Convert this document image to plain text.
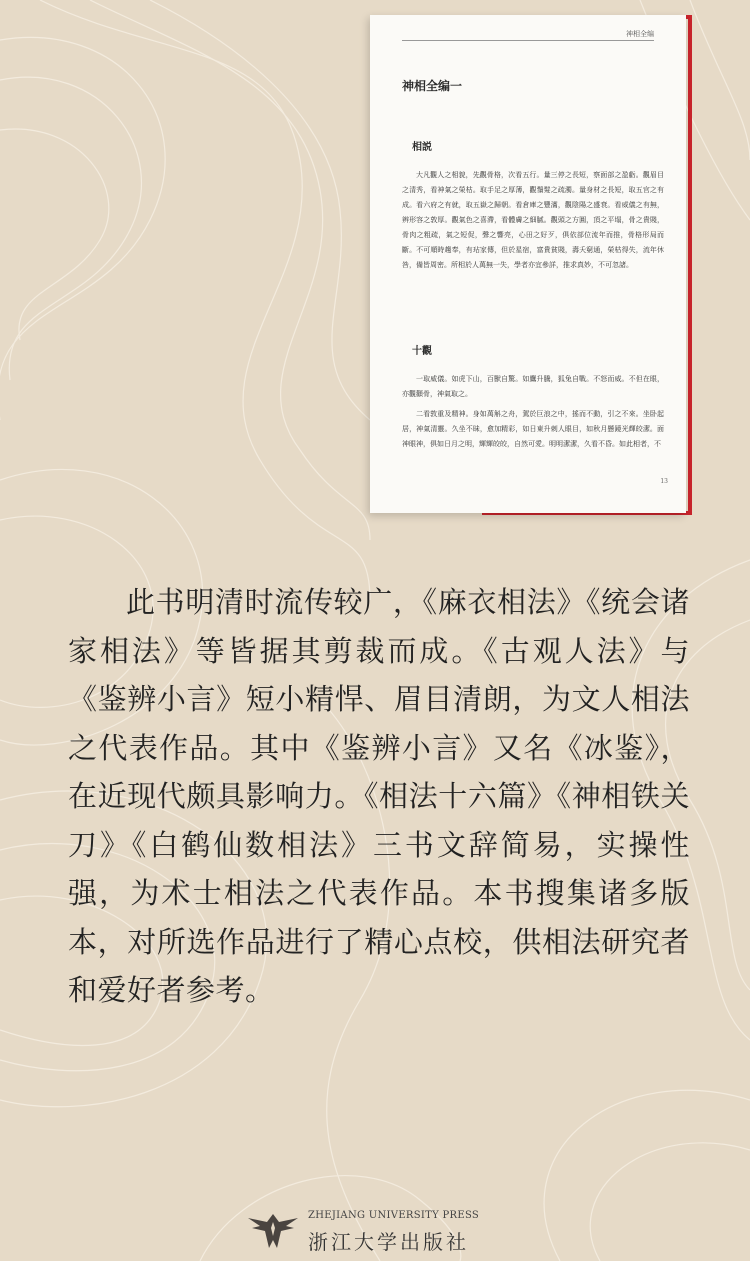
神相全编
神相全编一
相説
大凡觀人之相貌，先觀骨格，次看五行。量三停之長短，察面部之盈虧。觀眉目之清秀，看神氣之榮枯。取手足之厚薄，觀鬚髮之疏濁。量身材之長短，取五官之有成。看六府之有就，取五嶽之歸朝。看倉庫之豐滿，觀陰陽之盛衰。看威儀之有無，辨形容之敦厚。觀氣色之喜滯，看體膚之細膩。觀頭之方圓，頂之平塌，骨之貴賤，骨肉之粗疏，氣之短促，聲之響亮，心田之好歹，俱依部位流年而推，骨格形局而斷。不可順時趨奉，有玷家傳，但於星宿，富貴貧賤，壽夭窮通，榮枯得失，流年休咎，備皆周密。所相於人萬無一失，學者亦宜參詳，推求真妙，不可忽諸。
十觀
一取威儀。如虎下山，百獸自驚。如鷹升騰，狐兔自戰。不怒而威。不但在眼，亦觀顴骨，神氣取之。
二看敦重及精神。身如萬斛之舟，駕於巨浪之中，搖而不動，引之不來。坐卧起居，神氣清靈。久坐不昧，愈加精彩，如日東升刺人眼目，如秋月懸鏡光輝皎潔。面神眼神，俱如日月之明，輝輝皎皎，自然可愛。明明潔潔，久看不昏。如此相者，不
13
此书明清时流传较广，《麻衣相法》《统会诸家相法》等皆据其剪裁而成。《古观人法》与《鉴辨小言》短小精悍、眉目清朗，为文人相法之代表作品。其中《鉴辨小言》又名《冰鉴》，在近现代颇具影响力。《相法十六篇》《神相铁关刀》《白鹤仙数相法》三书文辞简易，实操性强，为术士相法之代表作品。本书搜集诸多版本，对所选作品进行了精心点校，供相法研究者和爱好者参考。
ZHEJIANG UNIVERSITY PRESS
浙江大学出版社
